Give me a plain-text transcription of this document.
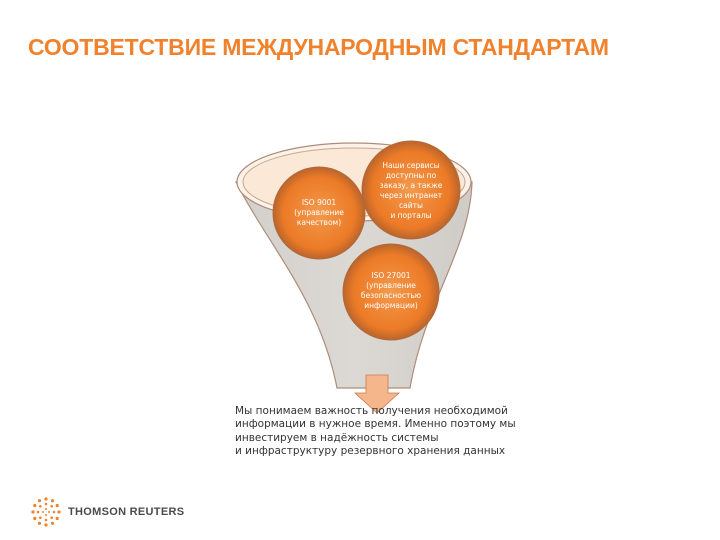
СООТВЕТСТВИЕ МЕЖДУНАРОДНЫМ СТАНДАРТАМ

ISO 9001
(управление
качеством)

Наши сервисы
доступны по
заказу, а также
через интранет
сайты
и порталы

ISO 27001
(управление
безопасностью
информации)

Мы понимаем важность получения необходимой
информации в нужное время. Именно поэтому мы
инвестируем в надёжность системы
и инфраструктуру резервного хранения данных

THOMSON REUTERS
